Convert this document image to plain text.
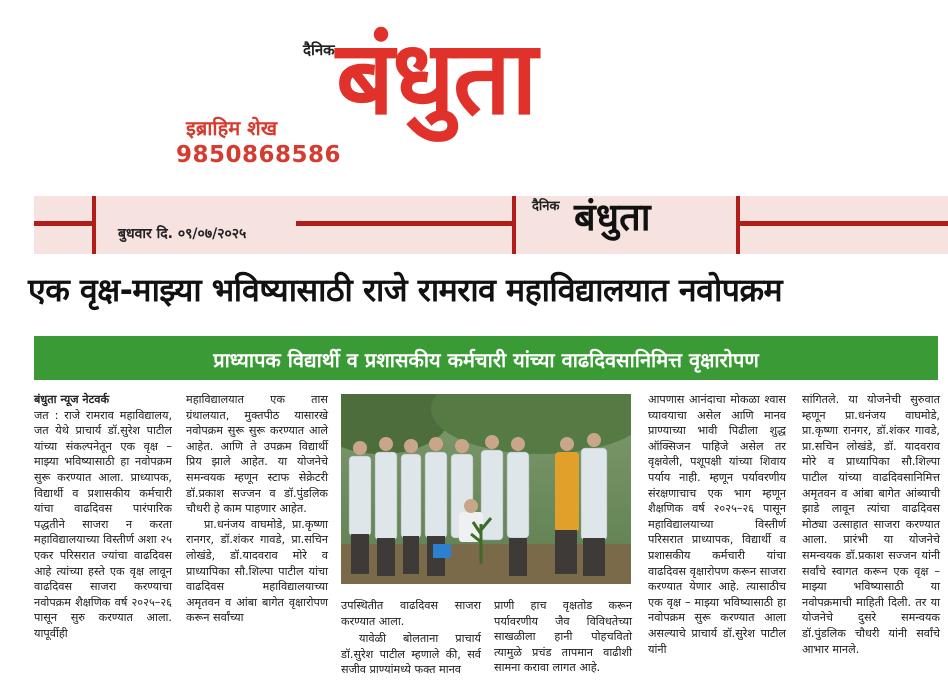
दैनिक बंधुता
इब्राहिम शेख
9850868586
बुधवार दि. ०९/०७/२०२५
दैनिक बंधुता
एक वृक्ष-माझ्या भविष्यासाठी राजे रामराव महाविद्यालयात नवोपक्रम
प्राध्यापक विद्यार्थी व प्रशासकीय कर्मचारी यांच्या वाढदिवसानिमित्त वृक्षारोपण

बंधुता न्यूज नेटवर्क

जत : राजे रामराव महाविद्यालय, जत येथे प्राचार्य डॉ.सुरेश पाटील यांच्या संकल्पनेतून एक वृक्ष – माझ्या भविष्यासाठी हा नवोपक्रम सुरू करण्यात आला. प्राध्यापक, विद्यार्थी व प्रशासकीय कर्मचारी यांचा वाढदिवस पारंपारिक पद्धतीने साजरा न करता महाविद्यालयाच्या विस्तीर्ण अशा २५ एकर परिसरात ज्यांचा वाढदिवस आहे त्यांच्या हस्ते एक वृक्ष लावून वाढदिवस साजरा करण्याचा नवोपक्रम शैक्षणिक वर्ष २०२५–२६ पासून सुरु करण्यात आला. यापूर्वीही

महाविद्यालयात एक तास ग्रंथालयात, मुक्तपीठ यासारखे नवोपक्रम सुरू सुरू करण्यात आले आहेत. आणि ते उपक्रम विद्यार्थी प्रिय झाले आहेत. या योजनेचे समन्वयक म्हणून स्टाफ सेक्रेटरी डॉ.प्रकाश सज्जन व डॉ.पुंडलिक चौधरी हे काम पाहणार आहेत.

प्रा.धनंजय वाघमोडे, प्रा.कृष्णा रानगर, डॉ.शंकर गावडे, प्रा.सचिन लोखंडे, डॉ.यादवराव मोरे व प्राध्यापिका सौ.शिल्पा पाटील यांचा वाढदिवस महाविद्यालयाच्या अमृतवन व आंबा बागेत वृक्षारोपण करून सर्वांच्या

उपस्थितीत वाढदिवस साजरा करण्यात आला.

यावेळी बोलताना प्राचार्य डॉ.सुरेश पाटील म्हणाले की, सर्व सजीव प्राण्यांमध्ये फक्त मानव

प्राणी हाच वृक्षतोड करून पर्यावरणीय जैव विविधतेच्या साखळीला हानी पोहचवितो त्यामुळे प्रचंड तापमान वाढीशी सामना करावा लागत आहे.

आपणास आनंदाचा मोकळा श्वास घ्यावयाचा असेल आणि मानव प्राण्याच्या भावी पिढीला शुद्ध ऑक्सिजन पाहिजे असेल तर वृक्षवेली, पशूपक्षी यांच्या शिवाय पर्याय नाही. म्हणून पर्यावरणीय संरक्षणाचाच एक भाग म्हणून शैक्षणिक वर्ष २०२५–२६ पासून महाविद्यालयाच्या विस्तीर्ण परिसरात प्राध्यापक, विद्यार्थी व प्रशासकीय कर्मचारी यांचा वाढदिवस वृक्षारोपण करून साजरा करण्यात येणार आहे. त्यासाठीच एक वृक्ष – माझ्या भविष्यासाठी हा नवोपक्रम सुरू करण्यात आला असल्याचे प्राचार्य डॉ.सुरेश पाटील यांनी

सांगितले. या योजनेची सुरुवात म्हणून प्रा.धनंजय वाघमोडे, प्रा.कृष्णा रानगर, डॉ.शंकर गावडे, प्रा.सचिन लोखंडे, डॉ. यादवराव मोरे व प्राध्यापिका सौ.शिल्पा पाटील यांच्या वाढदिवसानिमित्त अमृतवन व आंबा बागेत आंब्याची झाडे लावून त्यांचा वाढदिवस मोठ्या उत्साहात साजरा करण्यात आला. प्रारंभी या योजनेचे समन्वयक डॉ.प्रकाश सज्जन यांनी सर्वांचे स्वागत करून एक वृक्ष – माझ्या भविष्यासाठी या नवोपक्रमाची माहिती दिली. तर या योजनेचे दुसरे समन्वयक डॉ.पुंडलिक चौधरी यांनी सर्वांचे आभार मानले.
